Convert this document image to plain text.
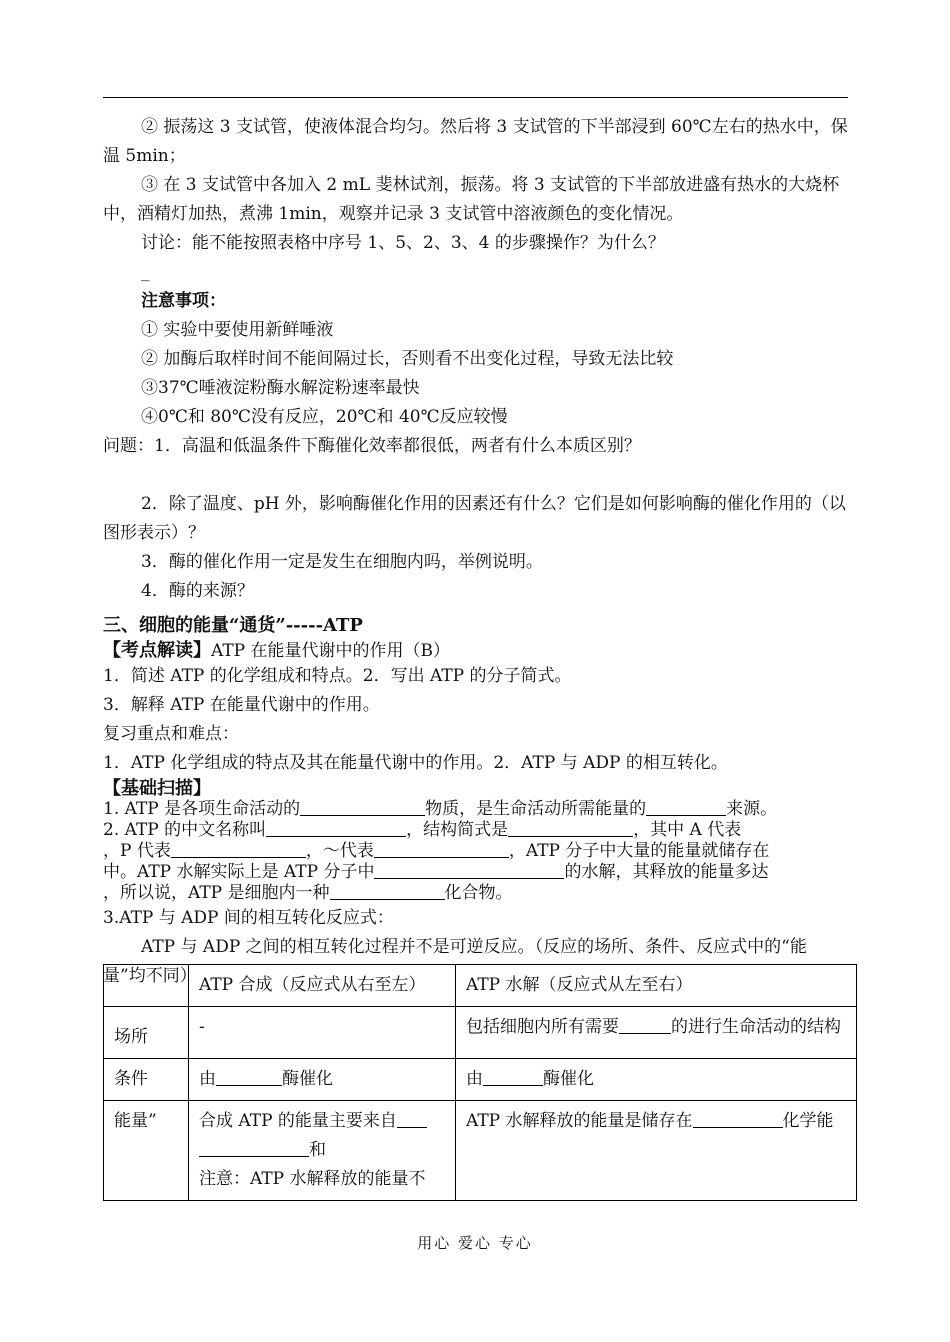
② 振荡这 3 支试管，使液体混合均匀。然后将 3 支试管的下半部浸到 60℃左右的热水中，保温 5min；

③ 在 3 支试管中各加入 2 mL 斐林试剂，振荡。将 3 支试管的下半部放进盛有热水的大烧杯中，酒精灯加热，煮沸 1min，观察并记录 3 支试管中溶液颜色的变化情况。

讨论：能不能按照表格中序号 1、5、2、3、4 的步骤操作？为什么？

_

注意事项：

① 实验中要使用新鲜唾液

② 加酶后取样时间不能间隔过长，否则看不出变化过程，导致无法比较

③37℃唾液淀粉酶水解淀粉速率最快

④0℃和 80℃没有反应，20℃和 40℃反应较慢

问题：1．高温和低温条件下酶催化效率都很低，两者有什么本质区别？

2．除了温度、pH 外，影响酶催化作用的因素还有什么？它们是如何影响酶的催化作用的（以图形表示）？

3．酶的催化作用一定是发生在细胞内吗，举例说明。

4．酶的来源？

三、细胞的能量“通货”-----ATP

【考点解读】ATP 在能量代谢中的作用（B）

1．简述 ATP 的化学组成和特点。2．写出 ATP 的分子简式。

3．解释 ATP 在能量代谢中的作用。

复习重点和难点：

1．ATP 化学组成的特点及其在能量代谢中的作用。2．ATP 与 ADP 的相互转化。

【基础扫描】

1. ATP 是各项生命活动的	物质，是生命活动所需能量的	来源。

2. ATP 的中文名称叫	，结构简式是	，其中 A 代表

，P 代表	，～代表	，ATP 分子中大量的能量就储存在

中。ATP 水解实际上是 ATP 分子中	的水解，其释放的能量多达

，所以说，ATP 是细胞内一种	化合物。

3.ATP 与 ADP 间的相互转化反应式：

ATP 与 ADP 之间的相互转化过程并不是可逆反应。（反应的场所、条件、反应式中的“能量”均不同）

	ATP 合成（反应式从右至左）	ATP 水解（反应式从左至右）
场所	-	包括细胞内所有需要 的进行生命活动的结构
条件	由 酶催化	由 酶催化
能量”	合成 ATP 的能量主要来自
和
注意：ATP 水解释放的能量不	ATP 水解释放的能量是储存在 化学能
用心 爱心 专心
